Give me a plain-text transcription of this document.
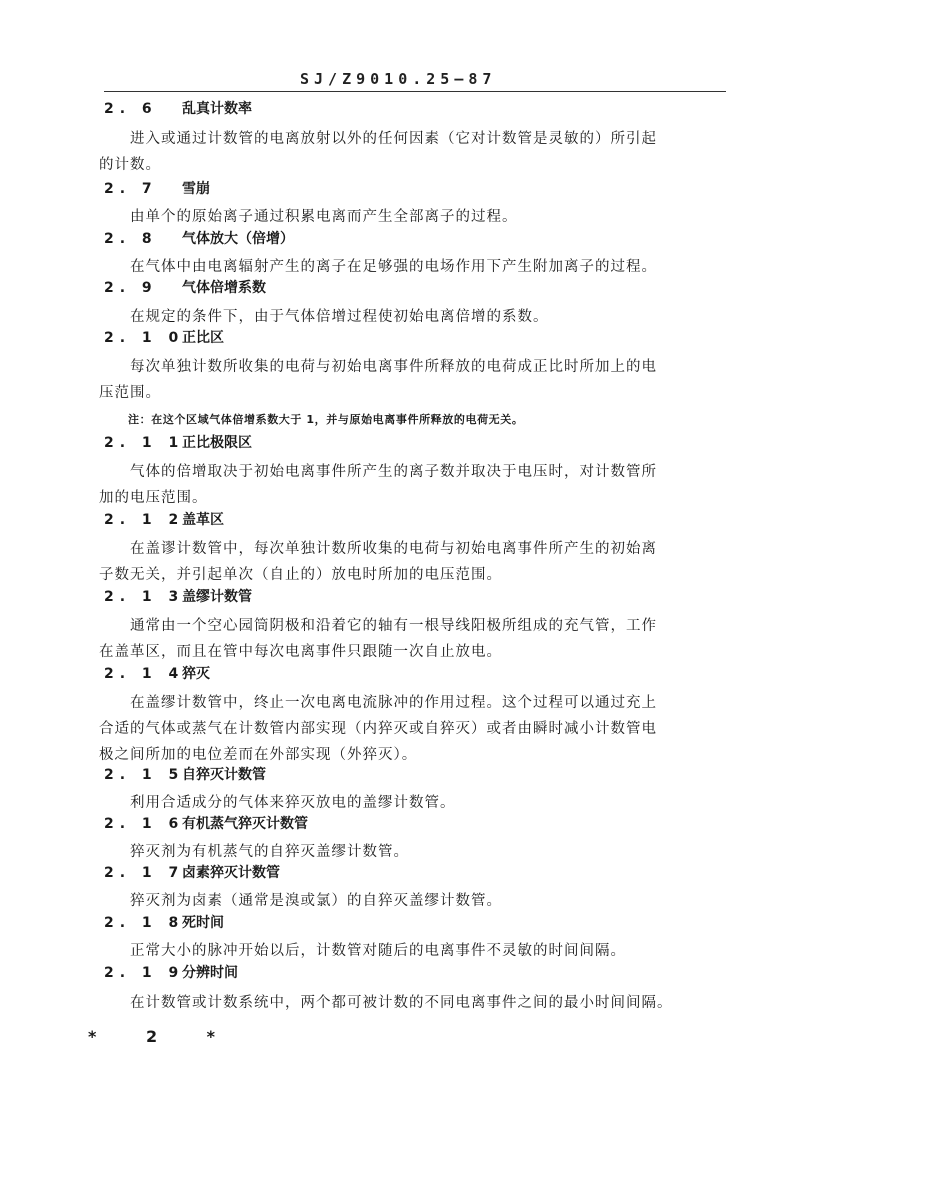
SJ/Z9010.25—87
2. 6 乱真计数率
进入或通过计数管的电离放射以外的任何因素（它对计数管是灵敏的）所引起
的计数。
2. 7 雪崩
由单个的原始离子通过积累电离而产生全部离子的过程。
2. 8 气体放大（倍增）
在气体中由电离辐射产生的离子在足够强的电场作用下产生附加离子的过程。
2. 9 气体倍增系数
在规定的条件下，由于气体倍增过程使初始电离倍增的系数。
2. 1 0正比区
每次单独计数所收集的电荷与初始电离事件所释放的电荷成正比时所加上的电
压范围。
注：在这个区域气体倍增系数大于 1，并与原始电离事件所释放的电荷无关。
2. 1 1正比极限区
气体的倍增取决于初始电离事件所产生的离子数并取决于电压时，对计数管所
加的电压范围。
2. 1 2盖革区
在盖谬计数管中，每次单独计数所收集的电荷与初始电离事件所产生的初始离
子数无关，并引起单次（自止的）放电时所加的电压范围。
2. 1 3盖缪计数管
通常由一个空心园筒阴极和沿着它的轴有一根导线阳极所组成的充气管，工作
在盖革区，而且在管中每次电离事件只跟随一次自止放电。
2. 1 4猝灭
在盖缪计数管中，终止一次电离电流脉冲的作用过程。这个过程可以通过充上
合适的气体或蒸气在计数管内部实现（内猝灭或自猝灭）或者由瞬时减小计数管电
极之间所加的电位差而在外部实现（外猝灭）。
2. 1 5自猝灭计数管
利用合适成分的气体来猝灭放电的盖缪计数管。
2. 1 6有机蒸气猝灭计数管
猝灭剂为有机蒸气的自猝灭盖缪计数管。
2. 1 7卤素猝灭计数管
猝灭剂为卤素（通常是溴或氯）的自猝灭盖缪计数管。
2. 1 8死时间
正常大小的脉冲开始以后，计数管对随后的电离事件不灵敏的时间间隔。
2. 1 9分辨时间
在计数管或计数系统中，两个都可被计数的不同电离事件之间的最小时间间隔。
* 2 *
